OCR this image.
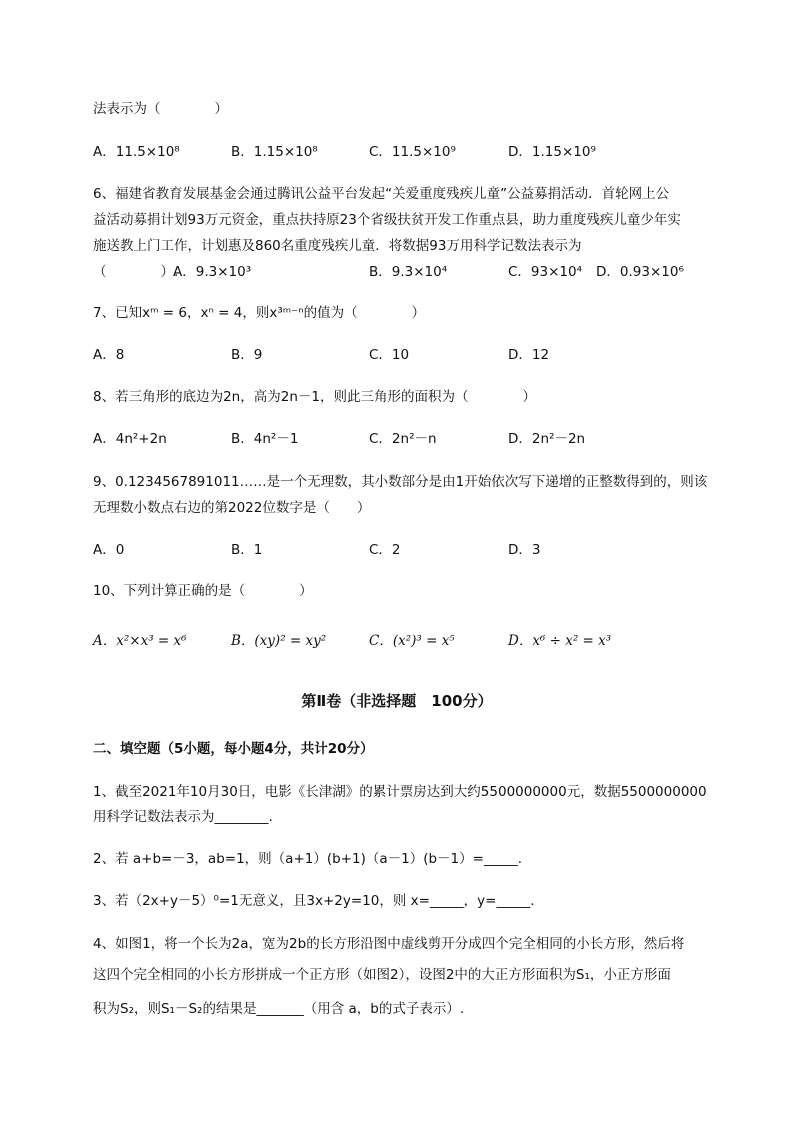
法表示为（　　　　）
A．11.5×10⁸	B．1.15×10⁸	C．11.5×10⁹	D．1.15×10⁹
6、福建省教育发展基金会通过腾讯公益平台发起“关爱重度残疾儿童”公益募捐活动．首轮网上公
益活动募捐计划93万元资金，重点扶持原23个省级扶贫开发工作重点县，助力重度残疾儿童少年实
施送教上门工作，计划惠及860名重度残疾儿童．将数据93万用科学记数法表示为
（　　　　）.
A．9.3×10³	B．9.3×10⁴	C．93×10⁴ D．0.93×10⁶
7、已知xᵐ = 6，xⁿ = 4，则x³ᵐ⁻ⁿ的值为（　　　　）
A．8	B．9	C．10	D．12
8、若三角形的底边为2n，高为2n－1，则此三角形的面积为（　　　　）
A．4n²+2n	B．4n²－1	C．2n²－n	D．2n²－2n
9、0.1234567891011……是一个无理数，其小数部分是由1开始依次写下递增的正整数得到的，则该
无理数小数点右边的第2022位数字是（　　）
A．0	B．1	C．2	D．3
10、下列计算正确的是（　　　　）
A．x²×x³ = x⁶	B．(xy)² = xy²	C．(x²)³ = x⁵	D．x⁶ ÷ x² = x³
第Ⅱ卷（非选择题　100分）
二、填空题（5小题，每小题4分，共计20分）
1、截至2021年10月30日，电影《长津湖》的累计票房达到大约5500000000元，数据5500000000
用科学记数法表示为________.
2、若 a+b=－3，ab=1，则（a+1）(b+1)（a－1）(b－1）=_____.
3、若（2x+y－5）⁰=1无意义，且3x+2y=10，则 x=_____，y=_____.
4、如图1，将一个长为2a，宽为2b的长方形沿图中虚线剪开分成四个完全相同的小长方形，然后将
这四个完全相同的小长方形拼成一个正方形（如图2），设图2中的大正方形面积为S₁，小正方形面
积为S₂，则S₁－S₂的结果是_______（用含 a，b的式子表示）.
